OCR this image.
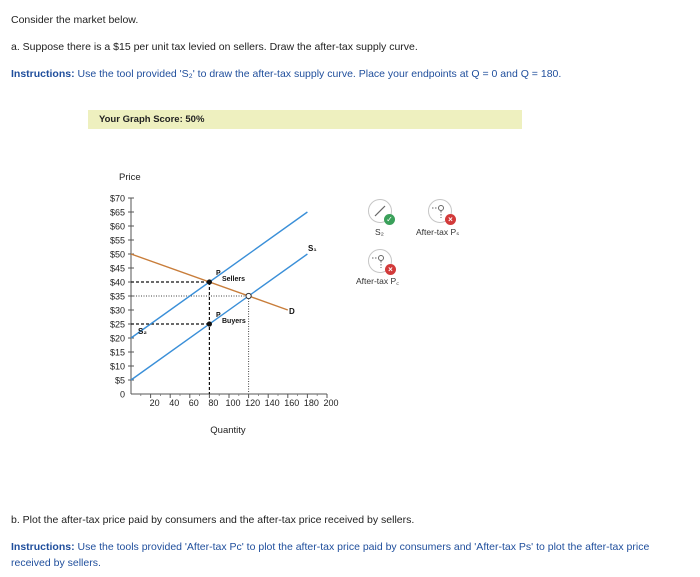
Consider the market below.
a. Suppose there is a $15 per unit tax levied on sellers. Draw the after-tax supply curve.
Instructions: Use the tool provided 'S₂' to draw the after-tax supply curve. Place your endpoints at Q = 0 and Q = 180.
Your Graph Score: 50%
Price
Quantity
$70
$65
$60
$55
$50
$45
$40
$35
$30
$25
$20
$15
$10
$5
0
20 40 60 80 100 120 140 160 180 200
S₁
S₂
D
P
Sellers
P
Buyers
✓
S₂
×
After-tax Pₛ
×
After-tax P꜀
b. Plot the after-tax price paid by consumers and the after-tax price received by sellers.
Instructions: Use the tools provided 'After-tax Pc' to plot the after-tax price paid by consumers and 'After-tax Ps' to plot the after-tax price received by sellers.
